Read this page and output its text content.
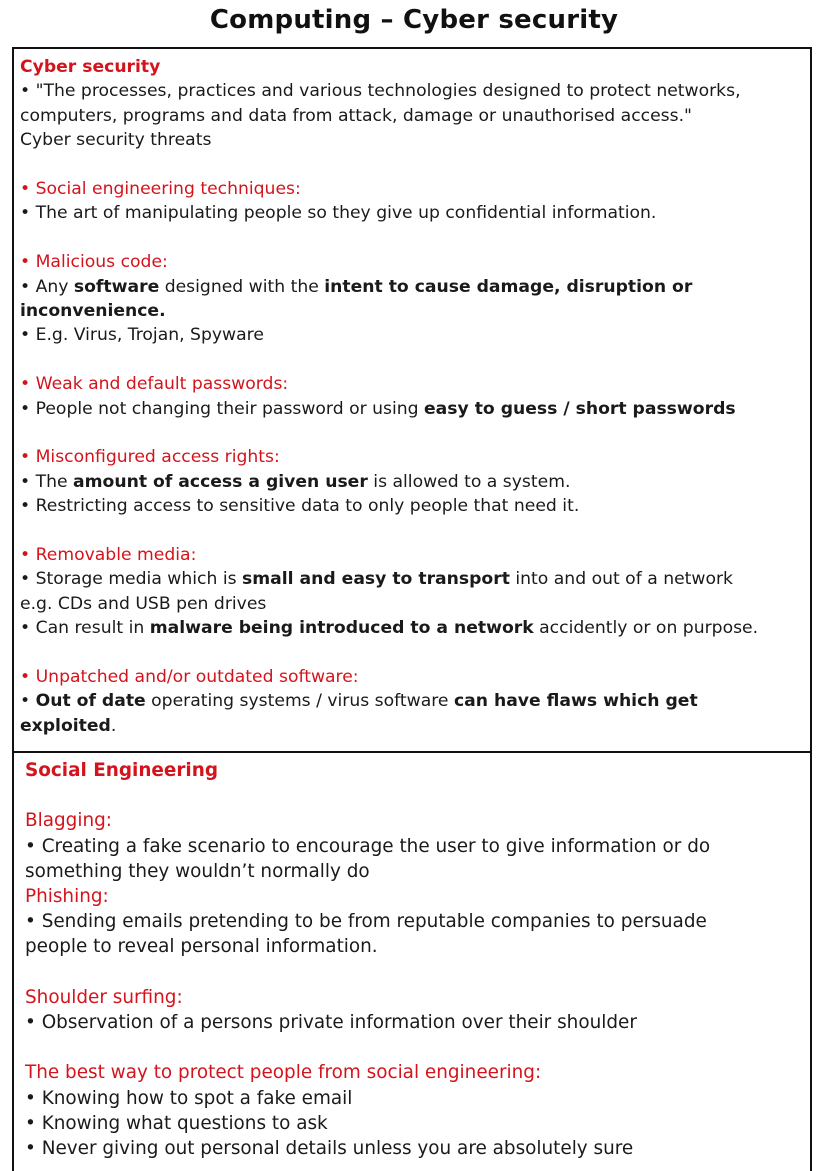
Computing – Cyber security
Cyber security
• "The processes, practices and various technologies designed to protect networks,
computers, programs and data from attack, damage or unauthorised access."
Cyber security threats
• Social engineering techniques:
• The art of manipulating people so they give up confidential information.
• Malicious code:
• Any software designed with the intent to cause damage, disruption or
inconvenience.
• E.g. Virus, Trojan, Spyware
• Weak and default passwords:
• People not changing their password or using easy to guess / short passwords
• Misconfigured access rights:
• The amount of access a given user is allowed to a system.
• Restricting access to sensitive data to only people that need it.
• Removable media:
• Storage media which is small and easy to transport into and out of a network
e.g. CDs and USB pen drives
• Can result in malware being introduced to a network accidently or on purpose.
• Unpatched and/or outdated software:
• Out of date operating systems / virus software can have flaws which get
exploited.
Social Engineering
Blagging:
• Creating a fake scenario to encourage the user to give information or do
something they wouldn’t normally do
Phishing:
• Sending emails pretending to be from reputable companies to persuade
people to reveal personal information.
Shoulder surfing:
• Observation of a persons private information over their shoulder
The best way to protect people from social engineering:
• Knowing how to spot a fake email
• Knowing what questions to ask
• Never giving out personal details unless you are absolutely sure
